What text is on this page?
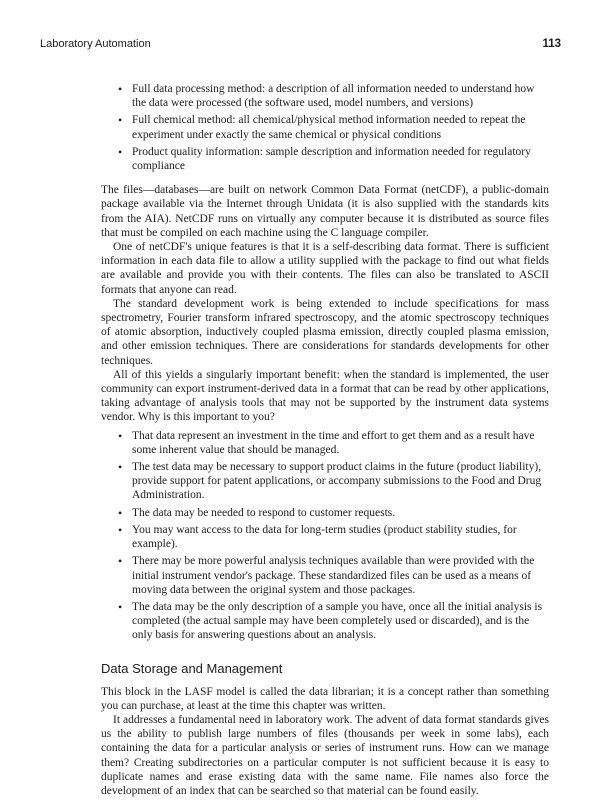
Laboratory Automation	113
• Full data processing method: a description of all information needed to understand how the data were processed (the software used, model numbers, and versions)
• Full chemical method: all chemical/physical method information needed to repeat the experiment under exactly the same chemical or physical conditions
• Product quality information: sample description and information needed for regulatory compliance

The files—databases—are built on network Common Data Format (netCDF), a public-domain package available via the Internet through Unidata (it is also supplied with the standards kits from the AIA). NetCDF runs on virtually any computer because it is distributed as source files that must be compiled on each machine using the C language compiler.

One of netCDF's unique features is that it is a self-describing data format. There is sufficient information in each data file to allow a utility supplied with the package to find out what fields are available and provide you with their contents. The files can also be translated to ASCII formats that anyone can read.

The standard development work is being extended to include specifications for mass spectrometry, Fourier transform infrared spectroscopy, and the atomic spectroscopy techniques of atomic absorption, inductively coupled plasma emission, directly coupled plasma emission, and other emission techniques. There are considerations for standards developments for other techniques.

All of this yields a singularly important benefit: when the standard is implemented, the user community can export instrument-derived data in a format that can be read by other applications, taking advantage of analysis tools that may not be supported by the instrument data systems vendor. Why is this important to you?

• That data represent an investment in the time and effort to get them and as a result have some inherent value that should be managed.
• The test data may be necessary to support product claims in the future (product liability), provide support for patent applications, or accompany submissions to the Food and Drug Administration.
• The data may be needed to respond to customer requests.
• You may want access to the data for long-term studies (product stability studies, for example).
• There may be more powerful analysis techniques available than were provided with the initial instrument vendor's package. These standardized files can be used as a means of moving data between the original system and those packages.
• The data may be the only description of a sample you have, once all the initial analysis is completed (the actual sample may have been completely used or discarded), and is the only basis for answering questions about an analysis.
Data Storage and Management

This block in the LASF model is called the data librarian; it is a concept rather than something you can purchase, at least at the time this chapter was written.

It addresses a fundamental need in laboratory work. The advent of data format standards gives us the ability to publish large numbers of files (thousands per week in some labs), each containing the data for a particular analysis or series of instrument runs. How can we manage them? Creating subdirectories on a particular computer is not sufficient because it is easy to duplicate names and erase existing data with the same name. File names also force the development of an index that can be searched so that material can be found easily.
